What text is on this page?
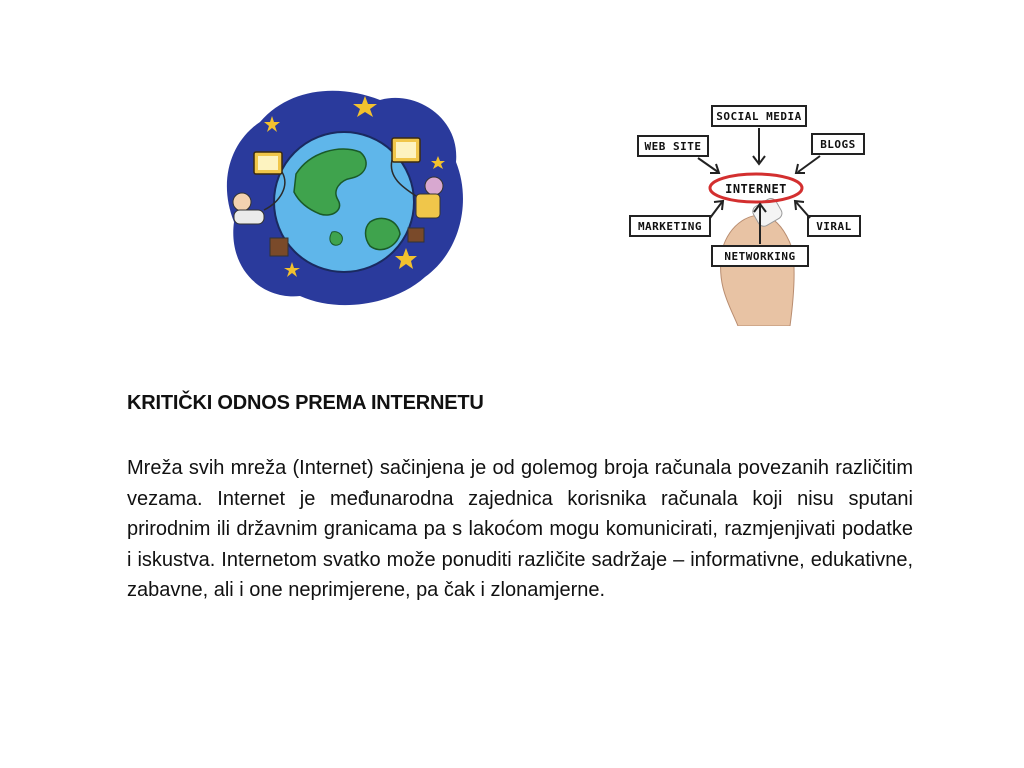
INTERNET
SOCIAL MEDIA
WEB SITE	BLOGS
MARKETING	VIRAL
NETWORKING
KRITIČKI ODNOS PREMA INTERNETU

Mreža svih mreža (Internet) sačinjena je od golemog broja računala povezanih različitim vezama. Internet je međunarodna zajednica korisnika računala koji nisu sputani prirodnim ili državnim granicama pa s lakoćom mogu komunicirati, razmjenjivati podatke i iskustva. Internetom svatko može ponuditi različite sadržaje – informativne, edukativne, zabavne, ali i one neprimjerene, pa čak i zlonamjerne.
